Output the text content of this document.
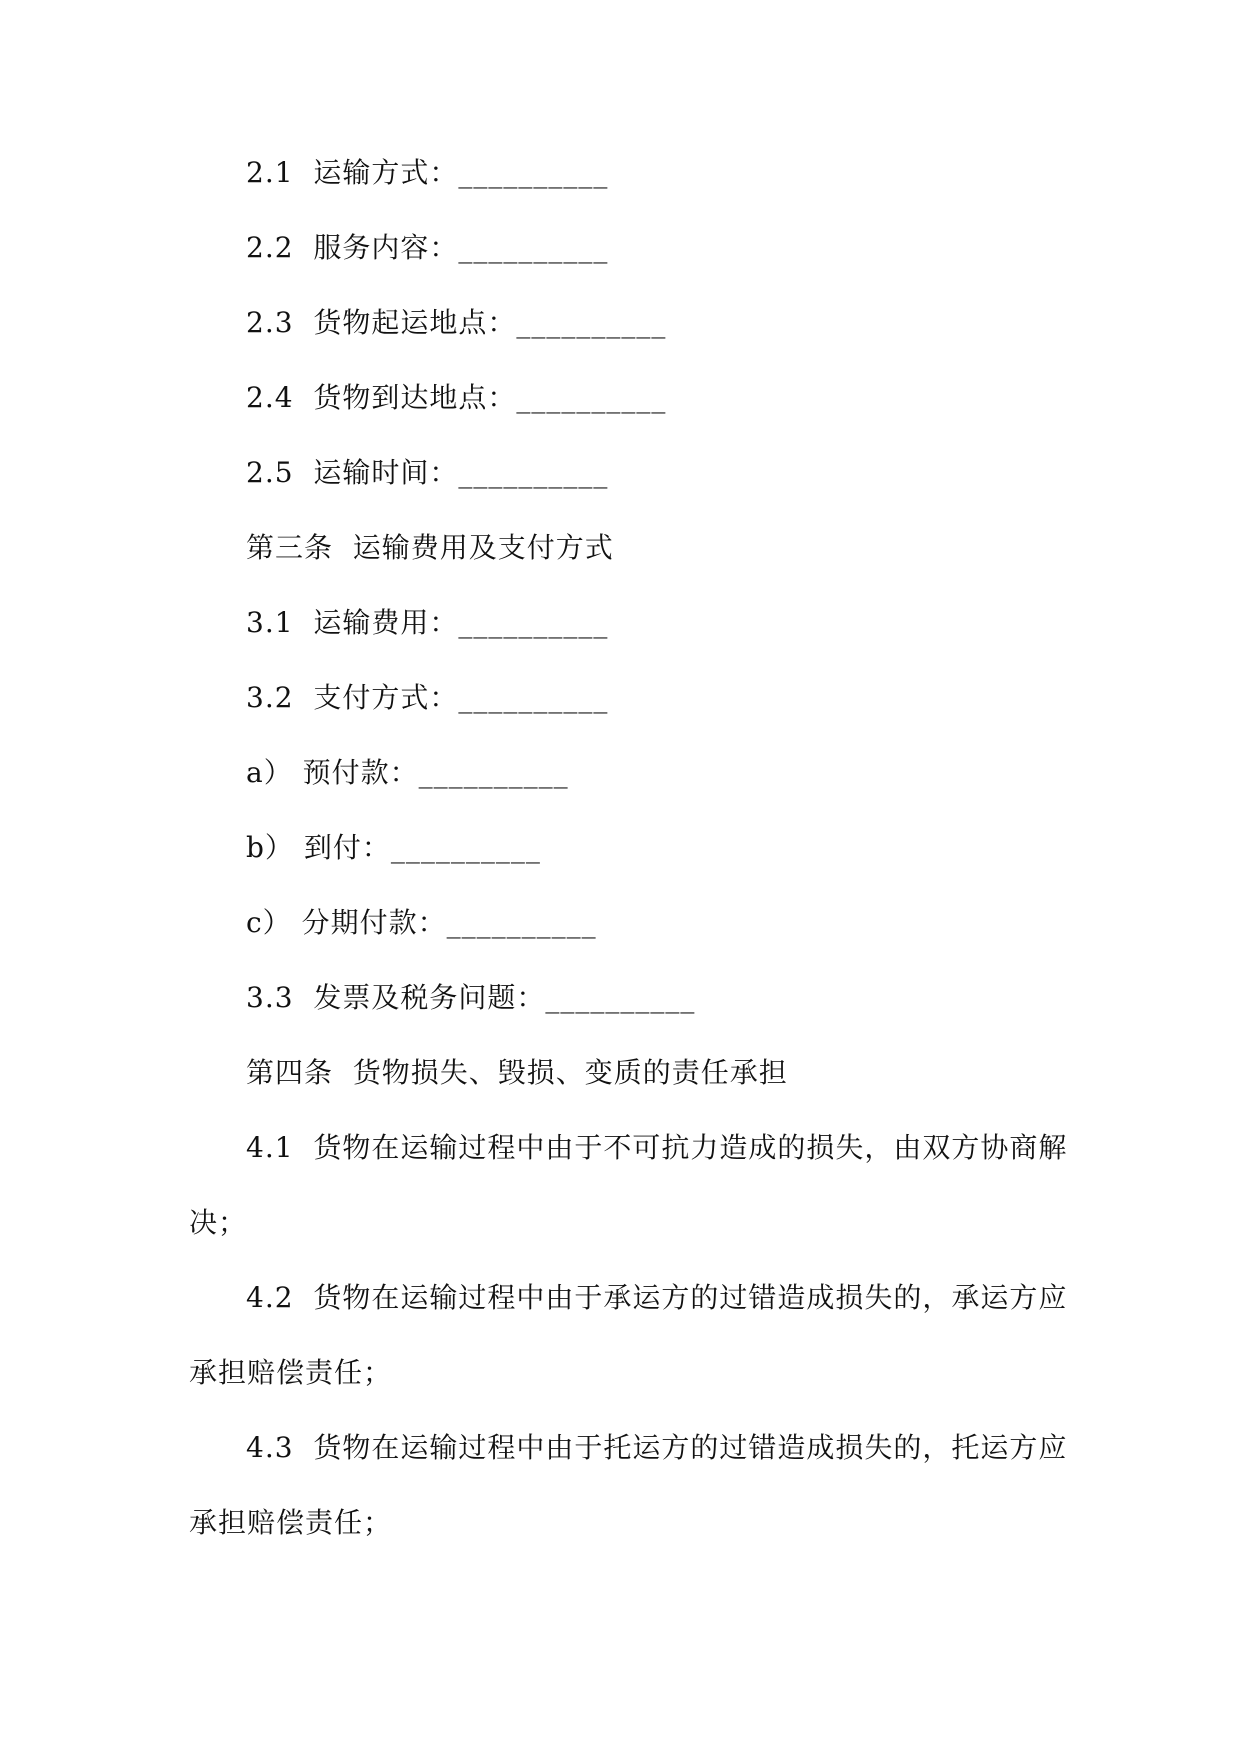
2.1  运输方式：__________
2.2  服务内容：__________
2.3  货物起运地点：__________
2.4  货物到达地点：__________
2.5  运输时间：__________
第三条  运输费用及支付方式
3.1  运输费用：__________
3.2  支付方式：__________
a） 预付款：__________
b） 到付：__________
c） 分期付款：__________
3.3  发票及税务问题：__________
第四条  货物损失、毁损、变质的责任承担
4.1  货物在运输过程中由于不可抗力造成的损失，由双方协商解
决；
4.2  货物在运输过程中由于承运方的过错造成损失的，承运方应
承担赔偿责任；
4.3  货物在运输过程中由于托运方的过错造成损失的，托运方应
承担赔偿责任；
